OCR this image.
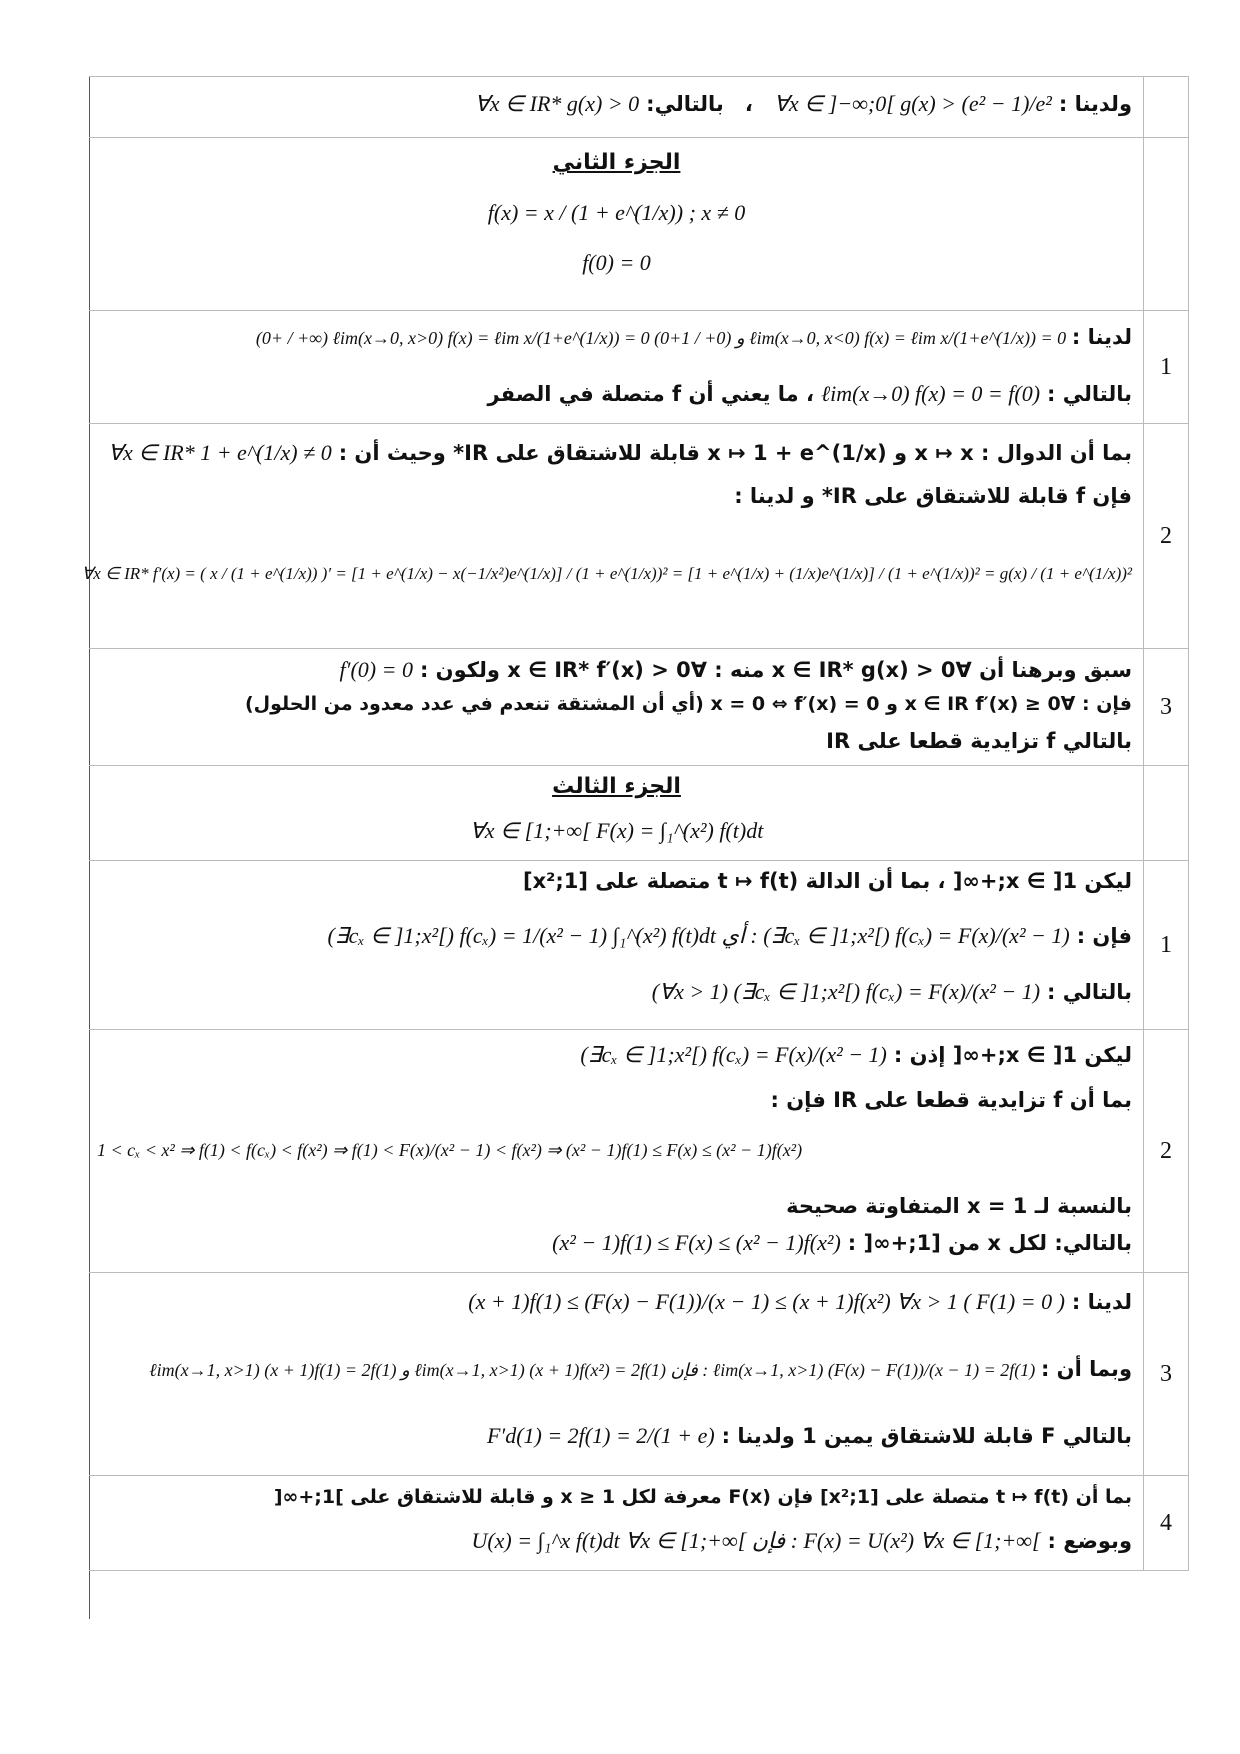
ولدينا : ∀x ∈ ]−∞;0[ g(x) > (e² − 1)/e² ، بالتالي: ∀x ∈ IR* g(x) > 0
الجزء الثاني
f(x) = x / (1 + e^(1/x)) ; x ≠ 0
f(0) = 0
1
لدينا : (0+ / +∞) ℓim(x→0, x>0) f(x) = ℓim x/(1+e^(1/x)) = 0 و (0+ / 1+0) ℓim(x→0, x<0) f(x) = ℓim x/(1+e^(1/x)) = 0
بالتالي : ℓim(x→0) f(x) = 0 = f(0) ، ما يعني أن f متصلة في الصفر
2
بما أن الدوال : x ↦ x و x ↦ 1 + e^(1/x) قابلة للاشتقاق على IR* وحيث أن : ∀x ∈ IR* 1 + e^(1/x) ≠ 0
فإن f قابلة للاشتقاق على IR* و لدينا :
∀x ∈ IR* f′(x) = ( x / (1 + e^(1/x)) )′ = [1 + e^(1/x) − x(−1/x²)e^(1/x)] / (1 + e^(1/x))² = [1 + e^(1/x) + (1/x)e^(1/x)] / (1 + e^(1/x))² = g(x) / (1 + e^(1/x))²
3
سبق وبرهنا أن ∀x ∈ IR* g(x) > 0 منه : ∀x ∈ IR* f′(x) > 0 ولكون : f′(0) = 0
فإن : ∀x ∈ IR f′(x) ≥ 0 و x = 0 ⇔ f′(x) = 0 (أي أن المشتقة تنعدم في عدد معدود من الحلول)
بالتالي f تزايدية قطعا على IR
الجزء الثالث
∀x ∈ [1;+∞[ F(x) = ∫₁^(x²) f(t)dt
1
ليكن x ∈ ]1;+∞[ ، بما أن الدالة t ↦ f(t) متصلة على [1;x²]
فإن : (∃cₓ ∈ ]1;x²[) f(cₓ) = 1/(x² − 1) ∫₁^(x²) f(t)dt أي : (∃cₓ ∈ ]1;x²[) f(cₓ) = F(x)/(x² − 1)
بالتالي : (∀x > 1) (∃cₓ ∈ ]1;x²[) f(cₓ) = F(x)/(x² − 1)
2
ليكن x ∈ ]1;+∞[ إذن : (∃cₓ ∈ ]1;x²[) f(cₓ) = F(x)/(x² − 1)
بما أن f تزايدية قطعا على IR فإن :
1 < cₓ < x² ⇒ f(1) < f(cₓ) < f(x²) ⇒ f(1) < F(x)/(x² − 1) < f(x²) ⇒ (x² − 1)f(1) ≤ F(x) ≤ (x² − 1)f(x²)
بالنسبة لـ x = 1 المتفاوتة صحيحة
بالتالي: لكل x من [1;+∞[ : (x² − 1)f(1) ≤ F(x) ≤ (x² − 1)f(x²)
3
لدينا : (x + 1)f(1) ≤ (F(x) − F(1))/(x − 1) ≤ (x + 1)f(x²) ∀x > 1 ( F(1) = 0 )
وبما أن : ℓim(x→1, x>1) (x + 1)f(1) = 2f(1) و ℓim(x→1, x>1) (x + 1)f(x²) = 2f(1) فإن : ℓim(x→1, x>1) (F(x) − F(1))/(x − 1) = 2f(1)
بالتالي F قابلة للاشتقاق يمين 1 ولدينا : F′d(1) = 2f(1) = 2/(1 + e)
4
بما أن t ↦ f(t) متصلة على [1;x²] فإن F(x) معرفة لكل x ≥ 1 و قابلة للاشتقاق على ]1;+∞[
وبوضع : U(x) = ∫₁^x f(t)dt ∀x ∈ [1;+∞[ فإن : F(x) = U(x²) ∀x ∈ [1;+∞[
